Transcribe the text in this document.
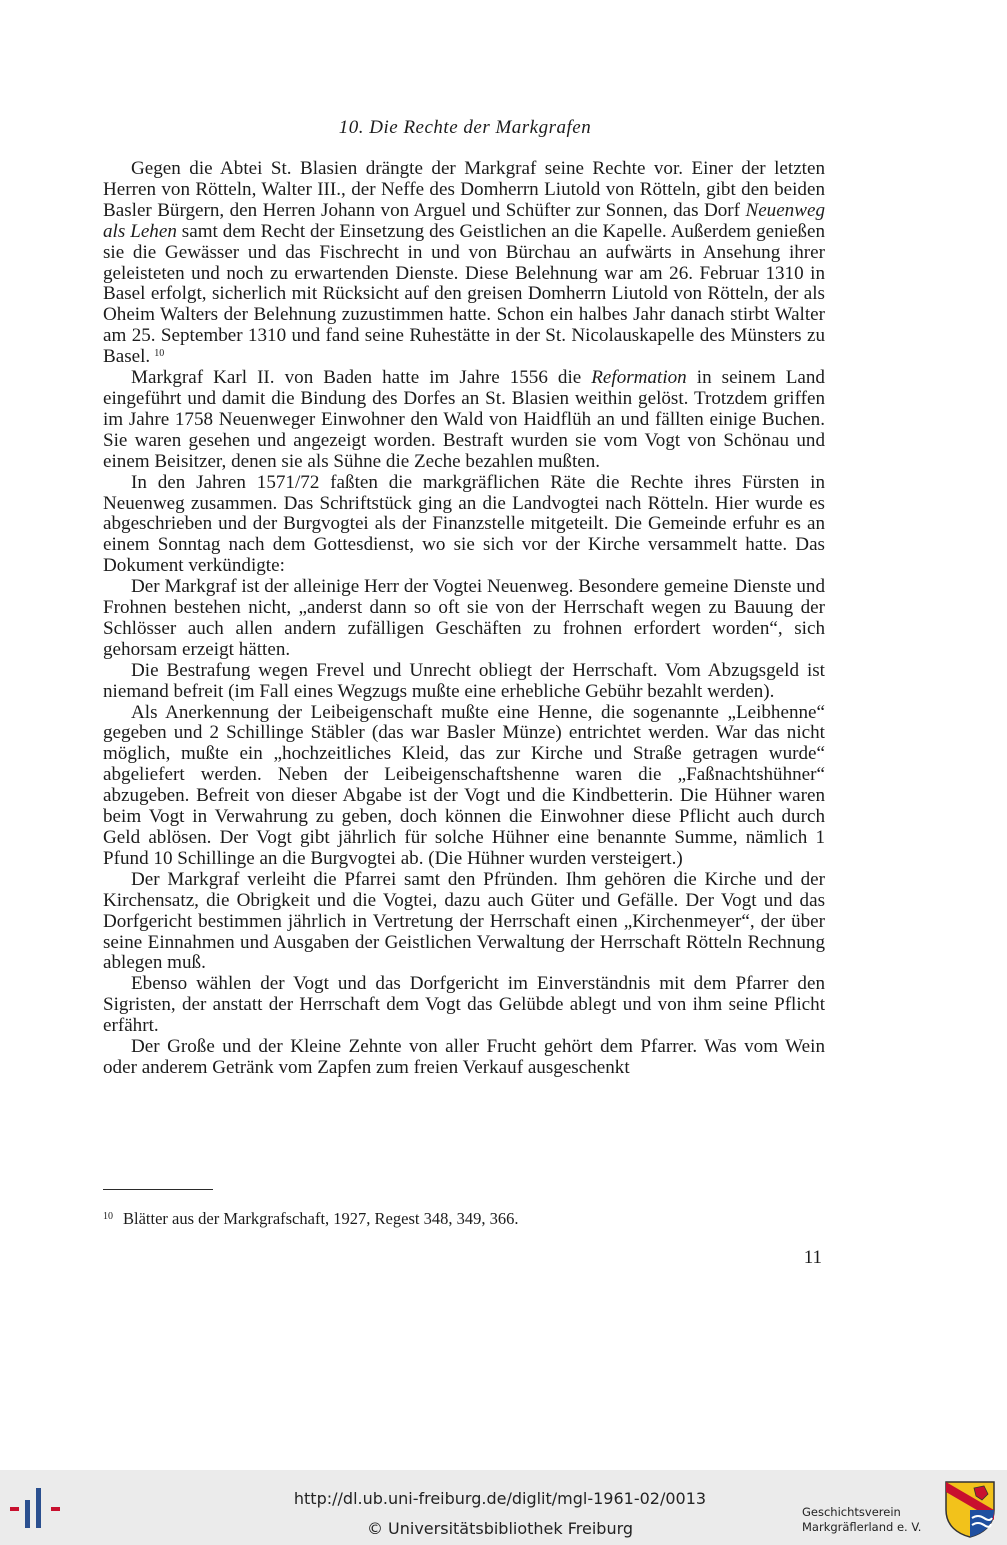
10. Die Rechte der Markgrafen

Gegen die Abtei St. Blasien drängte der Markgraf seine Rechte vor. Einer der letzten Herren von Rötteln, Walter III., der Neffe des Domherrn Liutold von Rötteln, gibt den beiden Basler Bürgern, den Herren Johann von Arguel und Schüfter zur Sonnen, das Dorf Neuenweg als Lehen samt dem Recht der Einsetzung des Geistlichen an die Kapelle. Außerdem genießen sie die Gewässer und das Fischrecht in und von Bürchau an aufwärts in Ansehung ihrer geleisteten und noch zu erwartenden Dienste. Diese Belehnung war am 26. Februar 1310 in Basel erfolgt, sicherlich mit Rücksicht auf den greisen Domherrn Liutold von Rötteln, der als Oheim Walters der Belehnung zuzustimmen hatte. Schon ein halbes Jahr danach stirbt Walter am 25. September 1310 und fand seine Ruhestätte in der St. Nicolauskapelle des Münsters zu Basel. $^{10}$

Markgraf Karl II. von Baden hatte im Jahre 1556 die Reformation in seinem Land eingeführt und damit die Bindung des Dorfes an St. Blasien weithin gelöst. Trotzdem griffen im Jahre 1758 Neuenweger Einwohner den Wald von Haidflüh an und fällten einige Buchen. Sie waren gesehen und angezeigt worden. Bestraft wurden sie vom Vogt von Schönau und einem Beisitzer, denen sie als Sühne die Zeche bezahlen mußten.

In den Jahren 1571/72 faßten die markgräflichen Räte die Rechte ihres Fürsten in Neuenweg zusammen. Das Schriftstück ging an die Landvogtei nach Rötteln. Hier wurde es abgeschrieben und der Burgvogtei als der Finanzstelle mitgeteilt. Die Gemeinde erfuhr es an einem Sonntag nach dem Gottesdienst, wo sie sich vor der Kirche versammelt hatte. Das Dokument verkündigte:

Der Markgraf ist der alleinige Herr der Vogtei Neuenweg. Besondere gemeine Dienste und Frohnen bestehen nicht, „anderst dann so oft sie von der Herrschaft wegen zu Bauung der Schlösser auch allen andern zufälligen Geschäften zu frohnen erfordert worden“, sich gehorsam erzeigt hätten.

Die Bestrafung wegen Frevel und Unrecht obliegt der Herrschaft. Vom Abzugsgeld ist niemand befreit (im Fall eines Wegzugs mußte eine erhebliche Gebühr bezahlt werden).

Als Anerkennung der Leibeigenschaft mußte eine Henne, die sogenannte „Leibhenne“ gegeben und 2 Schillinge Stäbler (das war Basler Münze) entrichtet werden. War das nicht möglich, mußte ein „hochzeitliches Kleid, das zur Kirche und Straße getragen wurde“ abgeliefert werden. Neben der Leibeigenschaftshenne waren die „Faßnachtshühner“ abzugeben. Befreit von dieser Abgabe ist der Vogt und die Kindbetterin. Die Hühner waren beim Vogt in Verwahrung zu geben, doch können die Einwohner diese Pflicht auch durch Geld ablösen. Der Vogt gibt jährlich für solche Hühner eine benannte Summe, nämlich 1 Pfund 10 Schillinge an die Burgvogtei ab. (Die Hühner wurden versteigert.)

Der Markgraf verleiht die Pfarrei samt den Pfründen. Ihm gehören die Kirche und der Kirchensatz, die Obrigkeit und die Vogtei, dazu auch Güter und Gefälle. Der Vogt und das Dorfgericht bestimmen jährlich in Vertretung der Herrschaft einen „Kirchenmeyer“, der über seine Einnahmen und Ausgaben der Geistlichen Verwaltung der Herrschaft Rötteln Rechnung ablegen muß.

Ebenso wählen der Vogt und das Dorfgericht im Einverständnis mit dem Pfarrer den Sigristen, der anstatt der Herrschaft dem Vogt das Gelübde ablegt und von ihm seine Pflicht erfährt.

Der Große und der Kleine Zehnte von aller Frucht gehört dem Pfarrer. Was vom Wein oder anderem Getränk vom Zapfen zum freien Verkauf ausgeschenkt

$^{10}$ Blätter aus der Markgrafschaft, 1927, Regest 348, 349, 366.
11
http://dl.ub.uni-freiburg.de/diglit/mgl-1961-02/0013
© Universitätsbibliothek Freiburg
Geschichtsverein
Markgräflerland e. V.
